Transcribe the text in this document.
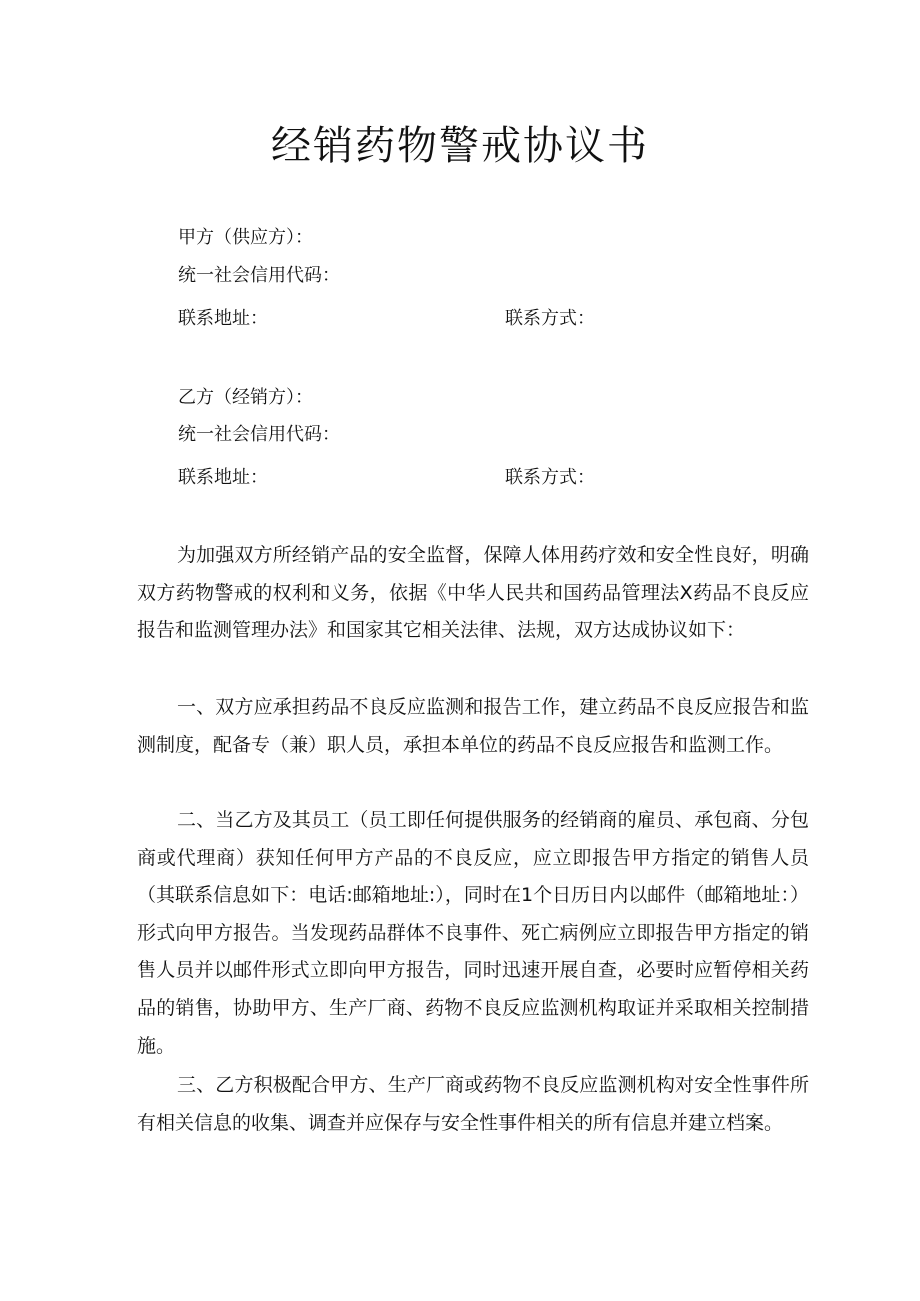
经销药物警戒协议书
甲方（供应方）：
统一社会信用代码：
联系地址：	联系方式：
乙方（经销方）：
统一社会信用代码：
联系地址：	联系方式：

为加强双方所经销产品的安全监督，保障人体用药疗效和安全性良好，明确双方药物警戒的权利和义务，依据《中华人民共和国药品管理法X药品不良反应报告和监测管理办法》和国家其它相关法律、法规，双方达成协议如下：

一、双方应承担药品不良反应监测和报告工作，建立药品不良反应报告和监测制度，配备专（兼）职人员，承担本单位的药品不良反应报告和监测工作。

二、当乙方及其员工（员工即任何提供服务的经销商的雇员、承包商、分包商或代理商）获知任何甲方产品的不良反应，应立即报告甲方指定的销售人员（其联系信息如下：电话:邮箱地址:），同时在1个日历日内以邮件（邮箱地址：）形式向甲方报告。当发现药品群体不良事件、死亡病例应立即报告甲方指定的销售人员并以邮件形式立即向甲方报告，同时迅速开展自查，必要时应暂停相关药品的销售，协助甲方、生产厂商、药物不良反应监测机构取证并采取相关控制措施。

三、乙方积极配合甲方、生产厂商或药物不良反应监测机构对安全性事件所有相关信息的收集、调查并应保存与安全性事件相关的所有信息并建立档案。
